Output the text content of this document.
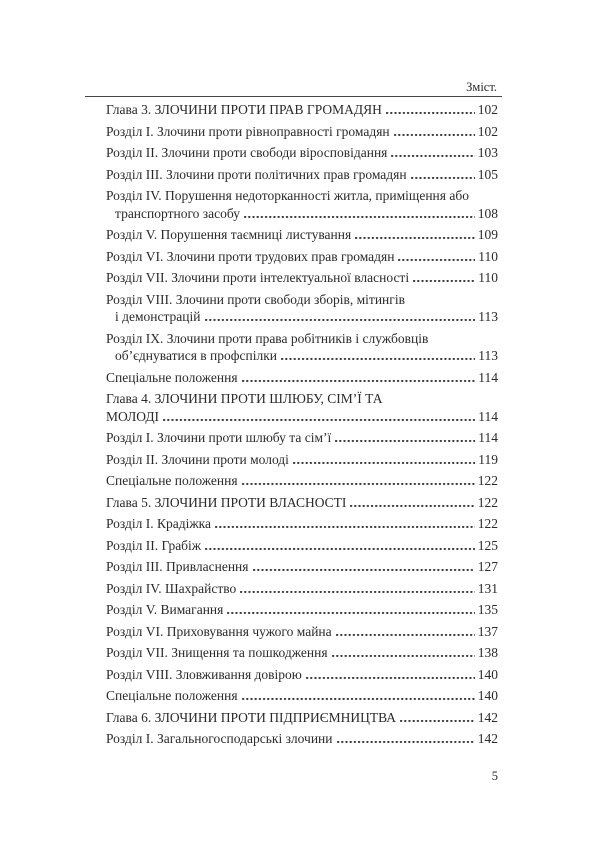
Зміст.
Глава 3. ЗЛОЧИНИ ПРОТИ ПРАВ ГРОМАДЯН	102
Розділ I. Злочини проти рівноправності громадян	102
Розділ II. Злочини проти свободи віросповідання	103
Розділ III. Злочини проти політичних прав громадян	105
Розділ IV. Порушення недоторканності житла, приміщення або
транспортного засобу	108
Розділ V. Порушення таємниці листування	109
Розділ VI. Злочини проти трудових прав громадян	110
Розділ VII. Злочини проти інтелектуальної власності	110
Розділ VIII. Злочини проти свободи зборів, мітингів
і демонстрацій	113
Розділ IX. Злочини проти права робітників і службовців
об’єднуватися в профспілки	113
Спеціальне положення	114
Глава 4. ЗЛОЧИНИ ПРОТИ ШЛЮБУ, СІМ’Ї ТА
МОЛОДІ	114
Розділ I. Злочини проти шлюбу та сім’ї	114
Розділ II. Злочини проти молоді	119
Спеціальне положення	122
Глава 5. ЗЛОЧИНИ ПРОТИ ВЛАСНОСТІ	122
Розділ I. Крадіжка	122
Розділ II. Грабіж	125
Розділ III. Привласнення	127
Розділ IV. Шахрайство	131
Розділ V. Вимагання	135
Розділ VI. Приховування чужого майна	137
Розділ VII. Знищення та пошкодження	138
Розділ VIII. Зловживання довірою	140
Спеціальне положення	140
Глава 6. ЗЛОЧИНИ ПРОТИ ПІДПРИЄМНИЦТВА	142
Розділ I. Загальногосподарські злочини	142
5
